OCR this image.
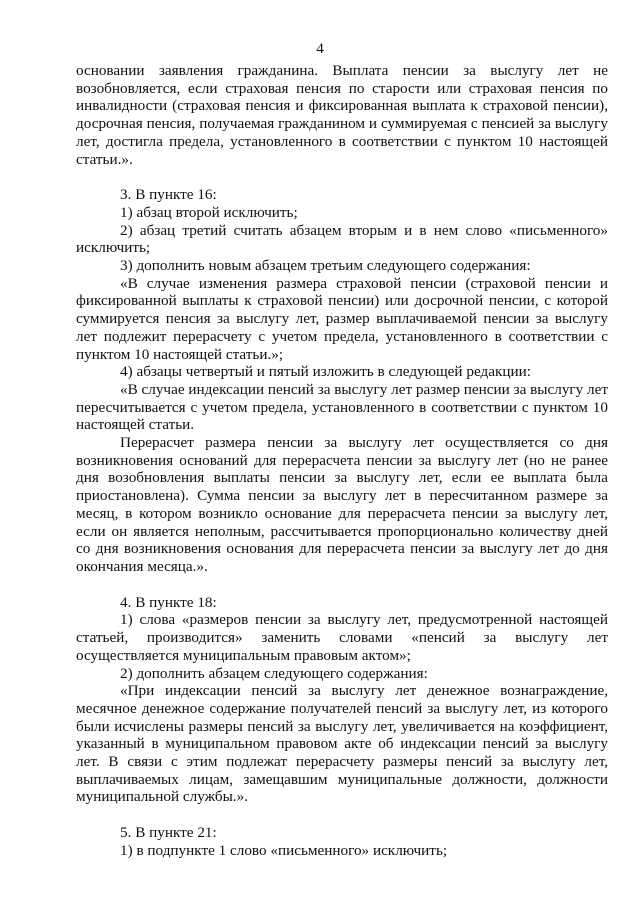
4

основании заявления гражданина. Выплата пенсии за выслугу лет не возобновляется, если страховая пенсия по старости или страховая пенсия по инвалидности (страховая пенсия и фиксированная выплата к страховой пенсии), досрочная пенсия, получаемая гражданином и суммируемая с пенсией за выслугу лет, достигла предела, установленного в соответствии с пунктом 10 настоящей статьи.».

3. В пункте 16:

1) абзац второй исключить;

2) абзац третий считать абзацем вторым и в нем слово «письменного» исключить;

3) дополнить новым абзацем третьим следующего содержания:

«В случае изменения размера страховой пенсии (страховой пенсии и фиксированной выплаты к страховой пенсии) или досрочной пенсии, с которой суммируется пенсия за выслугу лет, размер выплачиваемой пенсии за выслугу лет подлежит перерасчету с учетом предела, установленного в соответствии с пунктом 10 настоящей статьи.»;

4) абзацы четвертый и пятый изложить в следующей редакции:

«В случае индексации пенсий за выслугу лет размер пенсии за выслугу лет пересчитывается с учетом предела, установленного в соответствии с пунктом 10 настоящей статьи.

Перерасчет размера пенсии за выслугу лет осуществляется со дня возникновения оснований для перерасчета пенсии за выслугу лет (но не ранее дня возобновления выплаты пенсии за выслугу лет, если ее выплата была приостановлена). Сумма пенсии за выслугу лет в пересчитанном размере за месяц, в котором возникло основание для перерасчета пенсии за выслугу лет, если он является неполным, рассчитывается пропорционально количеству дней со дня возникновения основания для перерасчета пенсии за выслугу лет до дня окончания месяца.».

4. В пункте 18:

1) слова «размеров пенсии за выслугу лет, предусмотренной настоящей статьей, производится» заменить словами «пенсий за выслугу лет осуществляется муниципальным правовым актом»;

2) дополнить абзацем следующего содержания:

«При индексации пенсий за выслугу лет денежное вознаграждение, месячное денежное содержание получателей пенсий за выслугу лет, из которого были исчислены размеры пенсий за выслугу лет, увеличивается на коэффициент, указанный в муниципальном правовом акте об индексации пенсий за выслугу лет. В связи с этим подлежат перерасчету размеры пенсий за выслугу лет, выплачиваемых лицам, замещавшим муниципальные должности, должности муниципальной службы.».

5. В пункте 21:

1) в подпункте 1 слово «письменного» исключить;
